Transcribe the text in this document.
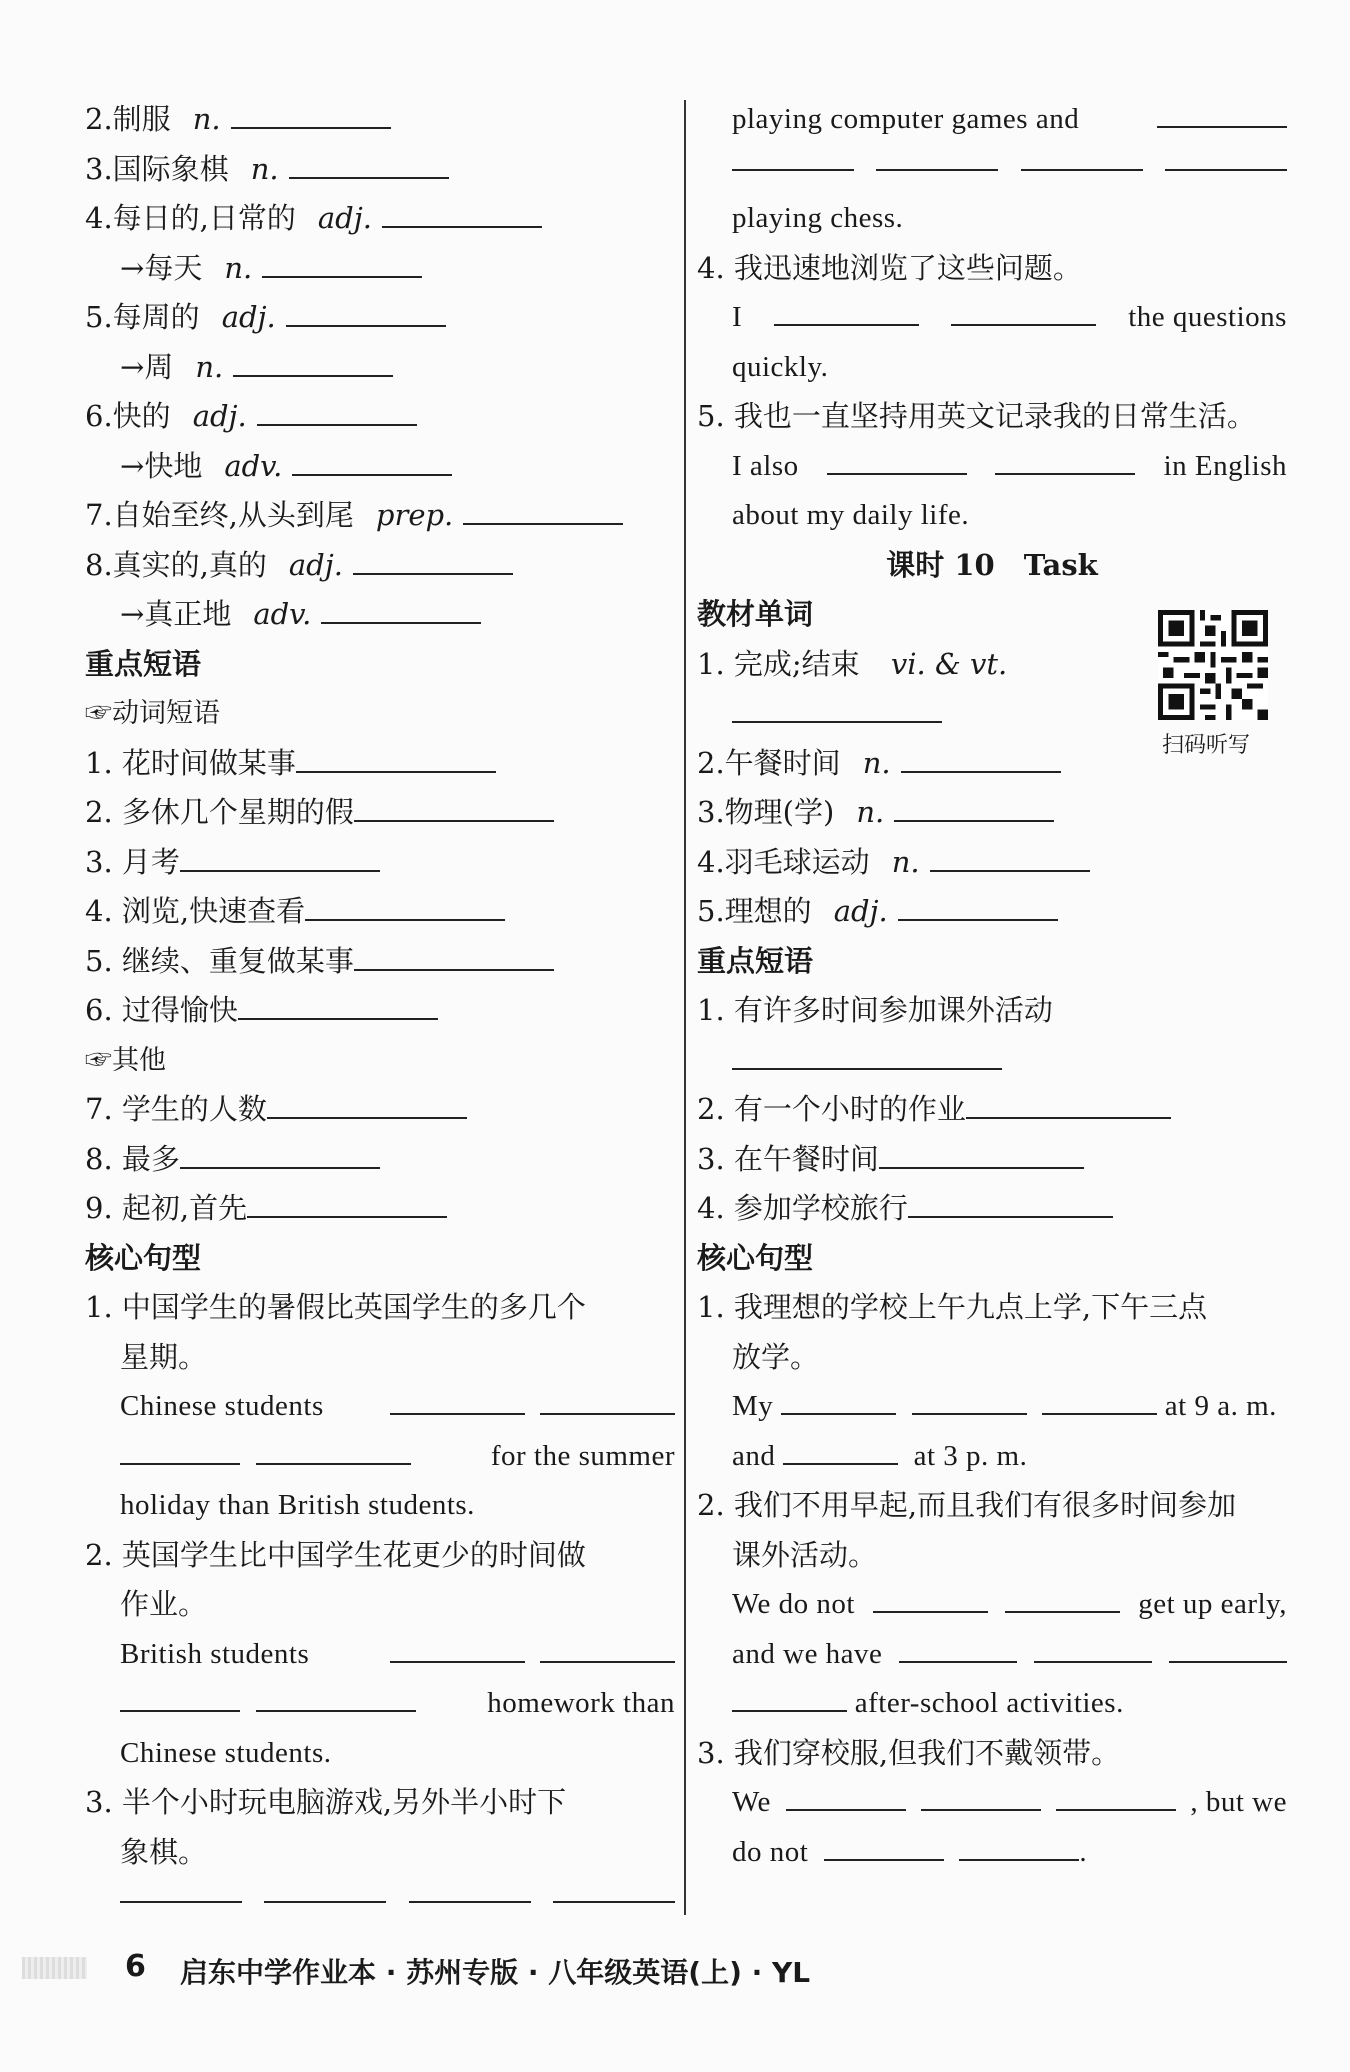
2.制服 n.
3.国际象棋 n.
4.每日的,日常的 adj.
→每天 n.
5.每周的 adj.
→周 n.
6.快的 adj.
→快地 adv.
7.自始至终,从头到尾 prep.
8.真实的,真的 adj.
→真正地 adv.
重点短语
☞动词短语
1. 花时间做某事
2. 多休几个星期的假
3. 月考
4. 浏览,快速查看
5. 继续、重复做某事
6. 过得愉快
☞其他
7. 学生的人数
8. 最多
9. 起初,首先
核心句型
1. 中国学生的暑假比英国学生的多几个
星期。
Chinese students

for the summer
holiday than British students.
2. 英国学生比中国学生花更少的时间做
作业。
British students

homework than
Chinese students.
3. 半个小时玩电脑游戏,另外半小时下
象棋。
playing computer games and
playing chess.
4. 我迅速地浏览了这些问题。
I	the questions
quickly.
5. 我也一直坚持用英文记录我的日常生活。
I also	in English
about my daily life.
课时 10　Task
教材单词
1. 完成;结束 vi. & vt.
2.午餐时间 n.
3.物理(学) n.
4.羽毛球运动 n.
5.理想的 adj.
重点短语
1. 有许多时间参加课外活动
2. 有一个小时的作业
3. 在午餐时间
4. 参加学校旅行
核心句型
1. 我理想的学校上午九点上学,下午三点
放学。
My	at 9 a. m.
and	at 3 p. m.
2. 我们不用早起,而且我们有很多时间参加
课外活动。
We do not	get up early,
and we have
after-school activities.
3. 我们穿校服,但我们不戴领带。
We	, but we
do not	.
扫码听写
6 启东中学作业本 · 苏州专版 · 八年级英语(上) · YL
